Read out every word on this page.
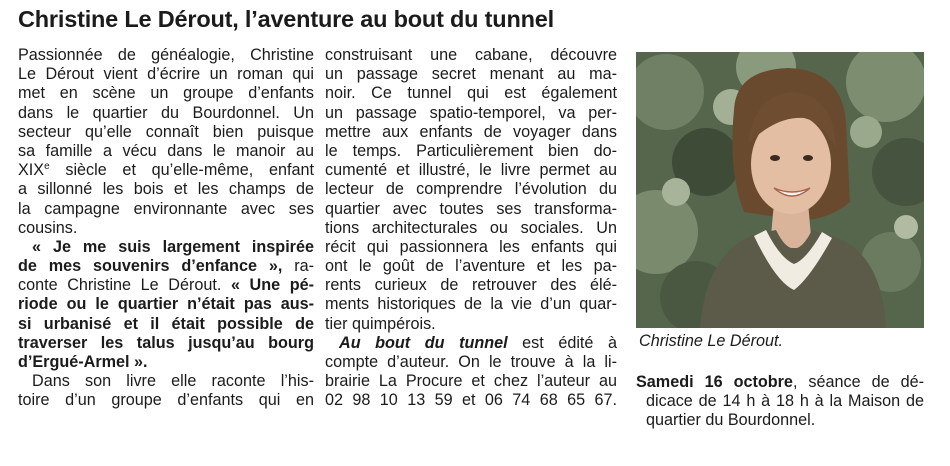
Christine Le Dérout, l’aventure au bout du tunnel
Passionnée de généalogie, Christine
Le Dérout vient d’écrire un roman qui
met en scène un groupe d’enfants
dans le quartier du Bourdonnel. Un
secteur qu’elle connaît bien puisque
sa famille a vécu dans le manoir au
XIXe siècle et qu’elle-même, enfant
a sillonné les bois et les champs de
la campagne environnante avec ses
cousins.
« Je me suis largement inspirée
de mes souvenirs d’enfance », ra-
conte Christine Le Dérout. « Une pé-
riode ou le quartier n’était pas aus-
si urbanisé et il était possible de
traverser les talus jusqu’au bourg
d’Ergué-Armel ».
Dans son livre elle raconte l’his-
toire d’un groupe d’enfants qui en
construisant une cabane, découvre
un passage secret menant au ma-
noir. Ce tunnel qui est également
un passage spatio-temporel, va per-
mettre aux enfants de voyager dans
le temps. Particulièrement bien do-
cumenté et illustré, le livre permet au
lecteur de comprendre l’évolution du
quartier avec toutes ses transforma-
tions architecturales ou sociales. Un
récit qui passionnera les enfants qui
ont le goût de l’aventure et les pa-
rents curieux de retrouver des élé-
ments historiques de la vie d’un quar-
tier quimpérois.
Au bout du tunnel est édité à
compte d’auteur. On le trouve à la li-
brairie La Procure et chez l’auteur au
02 98 10 13 59 et 06 74 68 65 67.
Christine Le Dérout.
Samedi 16 octobre, séance de dé-
dicace de 14 h à 18 h à la Maison de
quartier du Bourdonnel.
